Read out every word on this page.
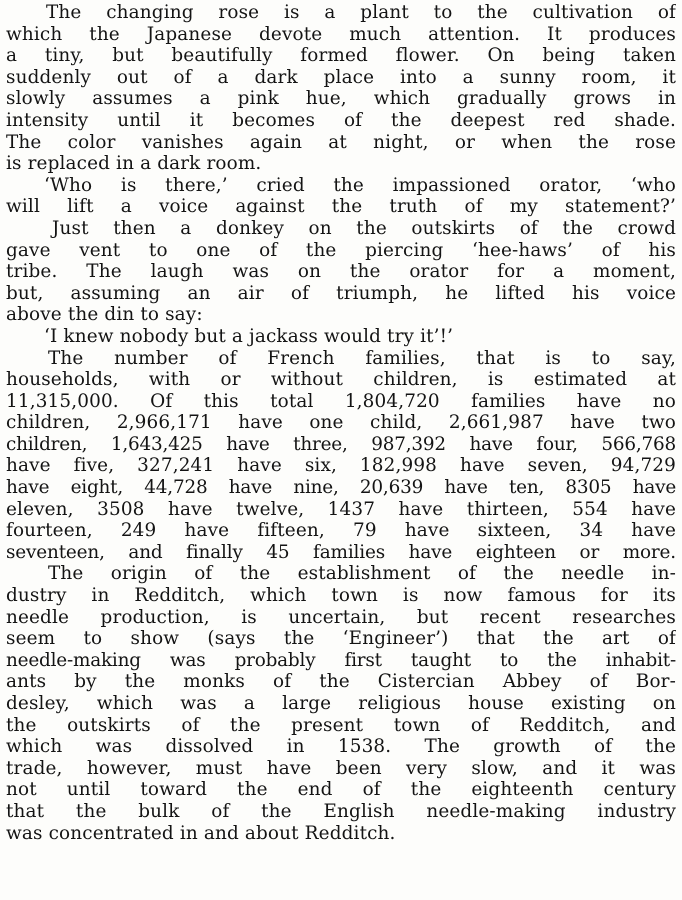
The changing rose is a plant to the cultivation of
which the Japanese devote much attention. It produces
a tiny, but beautifully formed flower. On being taken
suddenly out of a dark place into a sunny room, it
slowly assumes a pink hue, which gradually grows in
intensity until it becomes of the deepest red shade.
The color vanishes again at night, or when the rose
is replaced in a dark room.
‘Who is there,’ cried the impassioned orator, ‘who
will lift a voice against the truth of my statement?’
Just then a donkey on the outskirts of the crowd
gave vent to one of the piercing ‘hee-haws’ of his
tribe. The laugh was on the orator for a moment,
but, assuming an air of triumph, he lifted his voice
above the din to say:
‘I knew nobody but a jackass would try it’!’
The number of French families, that is to say,
households, with or without children, is estimated at
11,315,000. Of this total 1,804,720 families have no
children, 2,966,171 have one child, 2,661,987 have two
children, 1,643,425 have three, 987,392 have four, 566,768
have five, 327,241 have six, 182,998 have seven, 94,729
have eight, 44,728 have nine, 20,639 have ten, 8305 have
eleven, 3508 have twelve, 1437 have thirteen, 554 have
fourteen, 249 have fifteen, 79 have sixteen, 34 have
seventeen, and finally 45 families have eighteen or more.
The origin of the establishment of the needle in-
dustry in Redditch, which town is now famous for its
needle production, is uncertain, but recent researches
seem to show (says the ‘Engineer’) that the art of
needle-making was probably first taught to the inhabit-
ants by the monks of the Cistercian Abbey of Bor-
desley, which was a large religious house existing on
the outskirts of the present town of Redditch, and
which was dissolved in 1538. The growth of the
trade, however, must have been very slow, and it was
not until toward the end of the eighteenth century
that the bulk of the English needle-making industry
was concentrated in and about Redditch.
